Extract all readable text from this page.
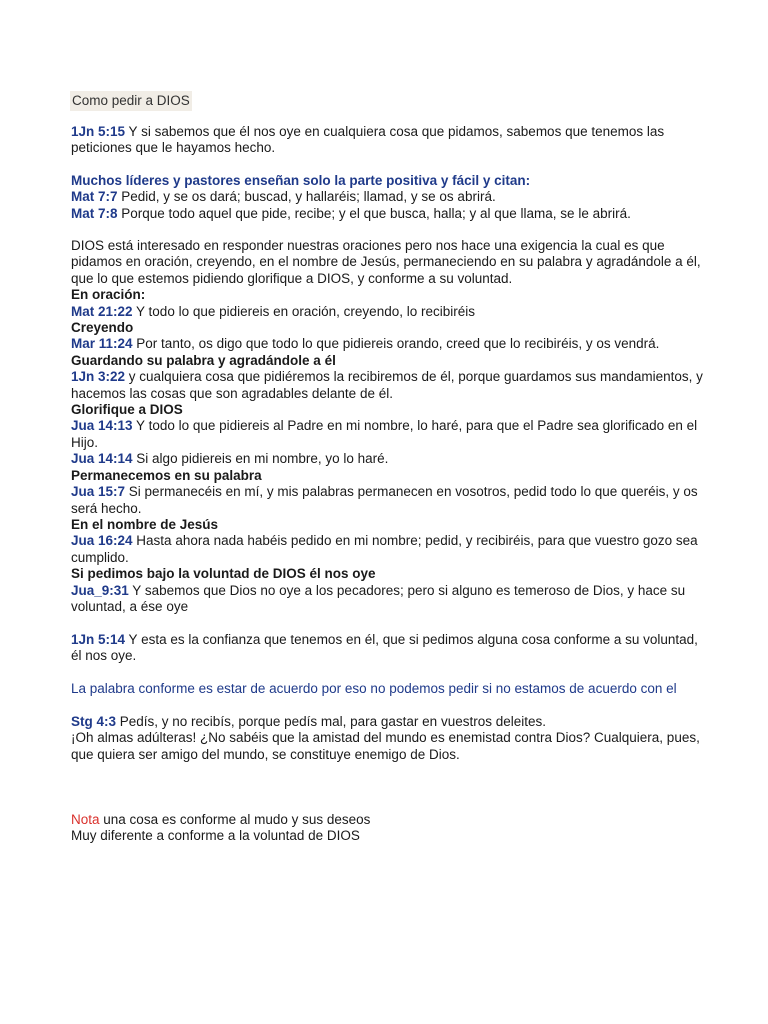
Como pedir a DIOS

1Jn 5:15 Y si sabemos que él nos oye en cualquiera cosa que pidamos, sabemos que tenemos las peticiones que le hayamos hecho.

Muchos líderes y pastores enseñan solo la parte positiva y fácil y citan:

Mat 7:7 Pedid, y se os dará; buscad, y hallaréis; llamad, y se os abrirá.

Mat 7:8 Porque todo aquel que pide, recibe; y el que busca, halla; y al que llama, se le abrirá.

DIOS está interesado en responder nuestras oraciones pero nos hace una exigencia la cual es que pidamos en oración, creyendo, en el nombre de Jesús, permaneciendo en su palabra y agradándole a él, que lo que estemos pidiendo glorifique a DIOS, y conforme a su voluntad.

En oración:

Mat 21:22 Y todo lo que pidiereis en oración, creyendo, lo recibiréis

Creyendo

Mar 11:24 Por tanto, os digo que todo lo que pidiereis orando, creed que lo recibiréis, y os vendrá.

Guardando su palabra y agradándole a él

1Jn 3:22 y cualquiera cosa que pidiéremos la recibiremos de él, porque guardamos sus mandamientos, y hacemos las cosas que son agradables delante de él.

Glorifique a DIOS

Jua 14:13 Y todo lo que pidiereis al Padre en mi nombre, lo haré, para que el Padre sea glorificado en el Hijo.

Jua 14:14 Si algo pidiereis en mi nombre, yo lo haré.

Permanecemos en su palabra

Jua 15:7 Si permanecéis en mí, y mis palabras permanecen en vosotros, pedid todo lo que queréis, y os será hecho.

En el nombre de Jesús

Jua 16:24 Hasta ahora nada habéis pedido en mi nombre; pedid, y recibiréis, para que vuestro gozo sea cumplido.

Si pedimos bajo la voluntad de DIOS él nos oye

Jua_9:31 Y sabemos que Dios no oye a los pecadores; pero si alguno es temeroso de Dios, y hace su voluntad, a ése oye

1Jn 5:14 Y esta es la confianza que tenemos en él, que si pedimos alguna cosa conforme a su voluntad, él nos oye.

La palabra conforme es estar de acuerdo por eso no podemos pedir si no estamos de acuerdo con el

Stg 4:3 Pedís, y no recibís, porque pedís mal, para gastar en vuestros deleites.

¡Oh almas adúlteras! ¿No sabéis que la amistad del mundo es enemistad contra Dios? Cualquiera, pues, que quiera ser amigo del mundo, se constituye enemigo de Dios.

Nota una cosa es conforme al mudo y sus deseos

Muy diferente a conforme a la voluntad de DIOS
